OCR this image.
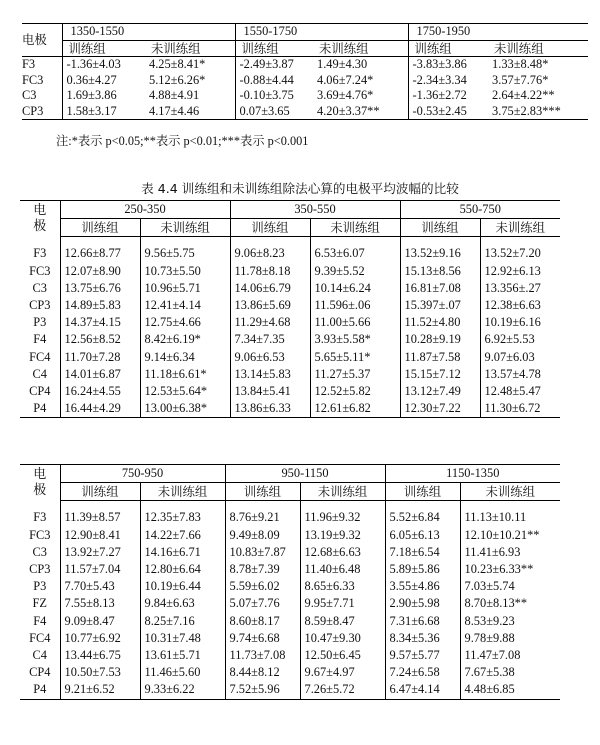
电极	1350-1550		1550-1750		1750-1950	
	训练组	未训练组	训练组	未训练组	训练组	未训练组
F3	-1.36±4.03	4.25±8.41*	-2.49±3.87	1.49±4.30	-3.83±3.86	1.33±8.48*
FC3	0.36±4.27	5.12±6.26*	-0.88±4.44	4.06±7.24*	-2.34±3.34	3.57±7.76*
C3	1.69±3.86	4.88±4.91	-0.10±3.75	3.69±4.76*	-1.36±2.72	2.64±4.22**
CP3	1.58±3.17	4.17±4.46	0.07±3.65	4.20±3.37**	-0.53±2.45	3.75±2.83***
注:*表示 p<0.05;**表示 p<0.01;***表示 p<0.001
表 4.4 训练组和未训练组除法心算的电极平均波幅的比较
电
极	250-350		350-550		550-750	
	训练组	未训练组	训练组	未训练组	训练组	未训练组

F3	12.66±8.77	9.56±5.75	9.06±8.23	6.53±6.07	13.52±9.16	13.52±7.20
FC3	12.07±8.90	10.73±5.50	11.78±8.18	9.39±5.52	15.13±8.56	12.92±6.13
C3	13.75±6.76	10.96±5.71	14.06±6.79	10.14±6.24	16.81±7.08	13.356±.27
CP3	14.89±5.83	12.41±4.14	13.86±5.69	11.596±.06	15.397±.07	12.38±6.63
P3	14.37±4.15	12.75±4.66	11.29±4.68	11.00±5.66	11.52±4.80	10.19±6.16
F4	12.56±8.52	8.42±6.19*	7.34±7.35	3.93±5.58*	10.28±9.19	6.92±5.53
FC4	11.70±7.28	9.14±6.34	9.06±6.53	5.65±5.11*	11.87±7.58	9.07±6.03
C4	14.01±6.87	11.18±6.61*	13.14±5.83	11.27±5.37	15.15±7.12	13.57±4.78
CP4	16.24±4.55	12.53±5.64*	13.84±5.41	12.52±5.82	13.12±7.49	12.48±5.47
P4	16.44±4.29	13.00±6.38*	13.86±6.33	12.61±6.82	12.30±7.22	11.30±6.72
电
极	750-950		950-1150		1150-1350	
	训练组	未训练组	训练组	未训练组	训练组	未训练组

F3	11.39±8.57	12.35±7.83	8.76±9.21	11.96±9.32	5.52±6.84	11.13±10.11
FC3	12.90±8.41	14.22±7.66	9.49±8.09	13.19±9.32	6.05±6.13	12.10±10.21**
C3	13.92±7.27	14.16±6.71	10.83±7.87	12.68±6.63	7.18±6.54	11.41±6.93
CP3	11.57±7.04	12.80±6.64	8.78±7.39	11.40±6.48	5.89±5.86	10.23±6.33**
P3	7.70±5.43	10.19±6.44	5.59±6.02	8.65±6.33	3.55±4.86	7.03±5.74
FZ	7.55±8.13	9.84±6.63	5.07±7.76	9.95±7.71	2.90±5.98	8.70±8.13**
F4	9.09±8.47	8.25±7.16	8.60±8.17	8.59±8.47	7.31±6.68	8.53±9.23
FC4	10.77±6.92	10.31±7.48	9.74±6.68	10.47±9.30	8.34±5.36	9.78±9.88
C4	13.44±6.75	13.61±5.71	11.73±7.08	12.50±6.45	9.57±5.77	11.47±7.08
CP4	10.50±7.53	11.46±5.60	8.44±8.12	9.67±4.97	7.24±6.58	7.67±5.38
P4	9.21±6.52	9.33±6.22	7.52±5.96	7.26±5.72	6.47±4.14	4.48±6.85
